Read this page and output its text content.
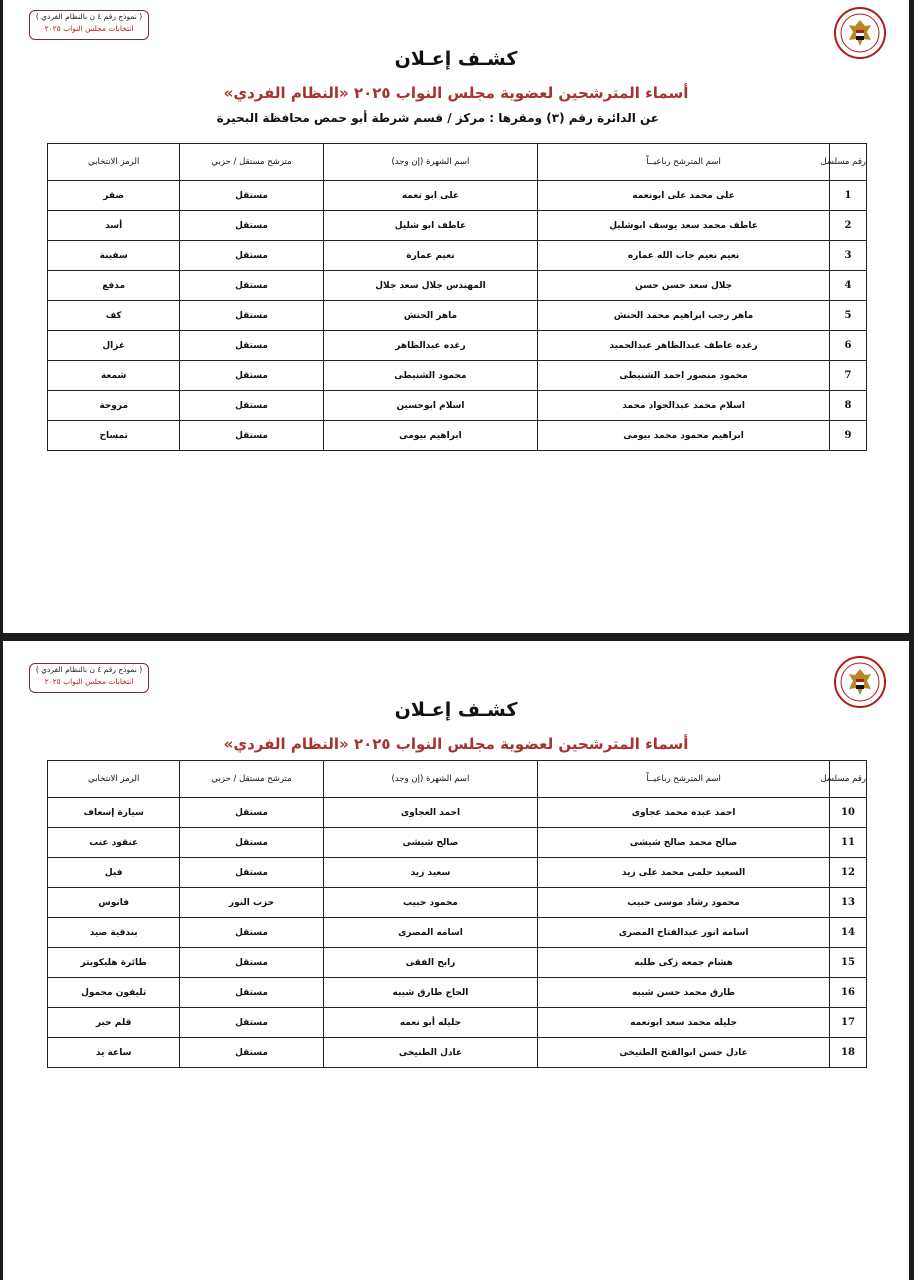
( نموذج رقم ٤ ن بالنظام الفردي )
انتخابات مجلس النواب ٢٠٢٥
كشـف إعـلان
أسماء المترشحين لعضوية مجلس النواب ٢٠٢٥ «النظام الفردي»
عن الدائرة رقم (٣) ومقرها : مركز / قسم شرطة أبو حمص محافظة البحيرة
رقم مسلسل	اسم المترشح رباعيــاً	اسم الشهرة (إن وجد)	مترشح مستقل / حزبي	الرمز الانتخابي
1	على محمد على ابونعمه	على ابو نعمه	مستقل	صقر
2	عاطف محمد سعد يوسف ابوشليل	عاطف ابو شليل	مستقل	أسد
3	نعيم نعيم جاب الله عماره	نعيم عمارة	مستقل	سفينة
4	جلال سعد حسن حسن	المهندس جلال سعد جلال	مستقل	مدفع
5	ماهر رجب ابراهيم محمد الحنش	ماهر الحنش	مستقل	كف
6	رغده عاطف عبدالظاهر عبدالحميد	رغده عبدالظاهر	مستقل	غزال
7	محمود منصور احمد الشنيطى	محمود الشنيطى	مستقل	شمعة
8	اسلام محمد عبدالجواد محمد	اسلام ابوحسين	مستقل	مروحة
9	ابراهيم محمود محمد بيومى	ابراهيم بيومى	مستقل	تمساح
( نموذج رقم ٤ ن بالنظام الفردي )
انتخابات مجلس النواب ٢٠٢٥
كشـف إعـلان
أسماء المترشحين لعضوية مجلس النواب ٢٠٢٥ «النظام الفردي»
رقم مسلسل	اسم المترشح رباعيــاً	اسم الشهرة (إن وجد)	مترشح مستقل / حزبي	الرمز الانتخابي
10	احمد عبده محمد عجاوى	احمد العجاوى	مستقل	سيارة إسعاف
11	صالح محمد صالح شيشى	صالح شيشى	مستقل	عنقود عنب
12	السعيد حلمى محمد على زيد	سعيد زيد	مستقل	فيل
13	محمود رشاد موسى حبيب	محمود حبيب	حزب النور	فانوس
14	اسامه انور عبدالفتاح المصرى	اسامه المصرى	مستقل	بندقية صيد
15	هشام جمعه زكى طلبه	رابح الفقى	مستقل	طائرة هليكوبتر
16	طارق محمد حسن شيبه	الحاج طارق شيبه	مستقل	تليفون محمول
17	جليله محمد سعد ابونعمه	جليله أبو نعمه	مستقل	قلم حبر
18	عادل حسن ابوالفتح الطنيخى	عادل الطنيخى	مستقل	ساعة يد
